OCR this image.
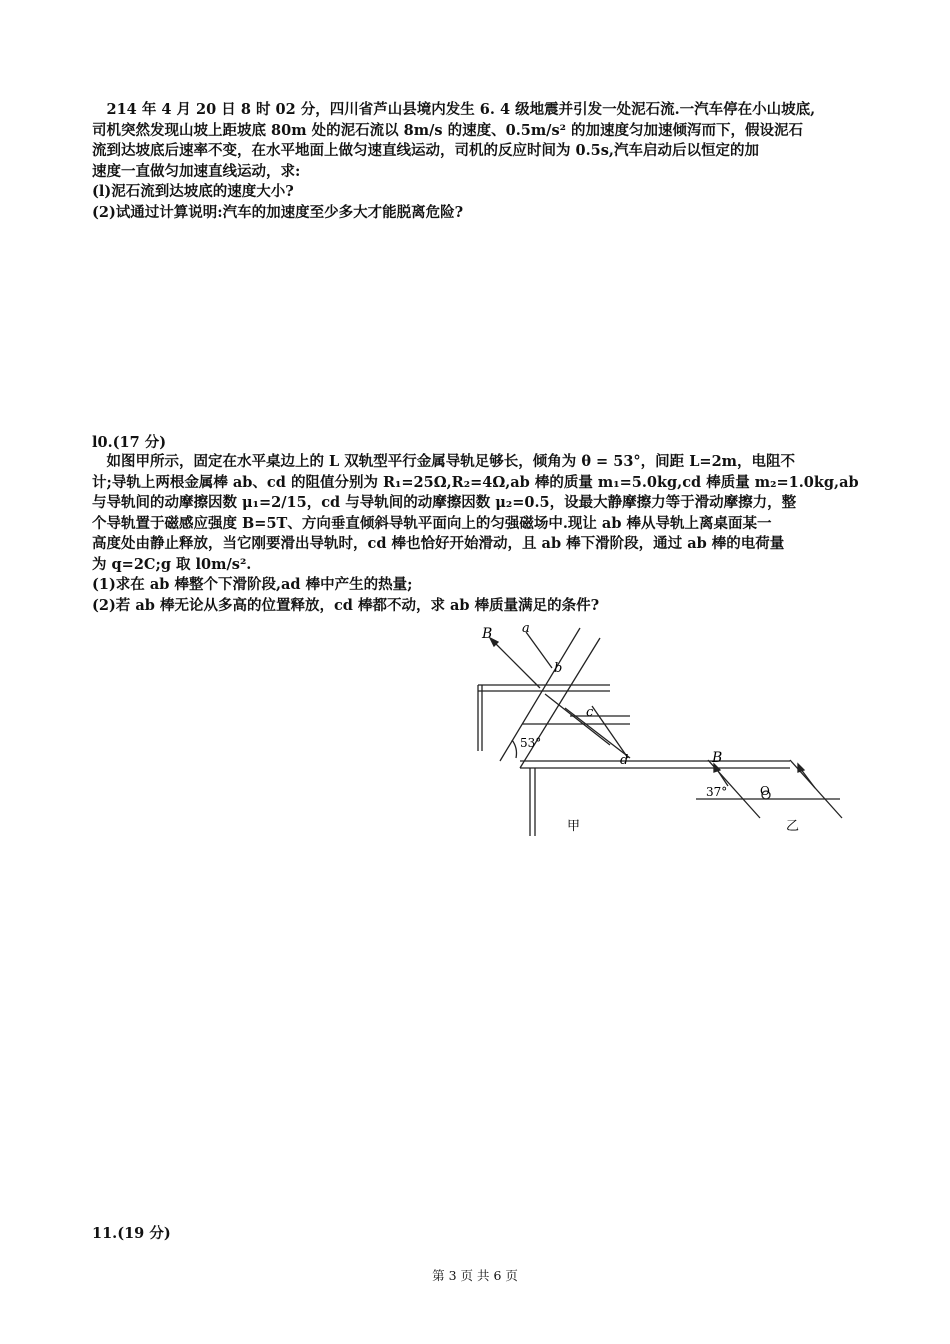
　214 年 4 月 20 日 8 时 02 分，四川省芦山县境内发生 6. 4 级地震并引发一处泥石流.一汽车停在小山坡底,
司机突然发现山坡上距坡底 80m 处的泥石流以 8m/s 的速度、0.5m/s² 的加速度匀加速倾泻而下，假设泥石
流到达坡底后速率不变，在水平地面上做匀速直线运动，司机的反应时间为 0.5s,汽车启动后以恒定的加
速度一直做匀加速直线运动，求:
(l)泥石流到达坡底的速度大小?
(2)试通过计算说明:汽车的加速度至少多大才能脱离危险?
l0.(17 分)
　如图甲所示，固定在水平桌边上的 L 双轨型平行金属导轨足够长，倾角为 θ = 53°，间距 L=2m，电阻不
计;导轨上两根金属棒 ab、cd 的阻值分别为 R₁=25Ω,R₂=4Ω,ab 棒的质量 m₁=5.0kg,cd 棒质量 m₂=1.0kg,ab
与导轨间的动摩擦因数 μ₁=2/15，cd 与导轨间的动摩擦因数 μ₂=0.5，设最大静摩擦力等于滑动摩擦力，整
个导轨置于磁感应强度 B=5T、方向垂直倾斜导轨平面向上的匀强磁场中.现让 ab 棒从导轨上离桌面某一
高度处由静止释放，当它刚要滑出导轨时，cd 棒也恰好开始滑动，且 ab 棒下滑阶段，通过 ab 棒的电荷量
为 q=2C;g 取 l0m/s².
(1)求在 ab 棒整个下滑阶段,ad 棒中产生的热量;
(2)若 ab 棒无论从多高的位置释放，cd 棒都不动，求 ab 棒质量满足的条件?
B a
b
c
d
53°
甲
B
37°	O
乙
11.(19 分)
第 3 页 共 6 页
